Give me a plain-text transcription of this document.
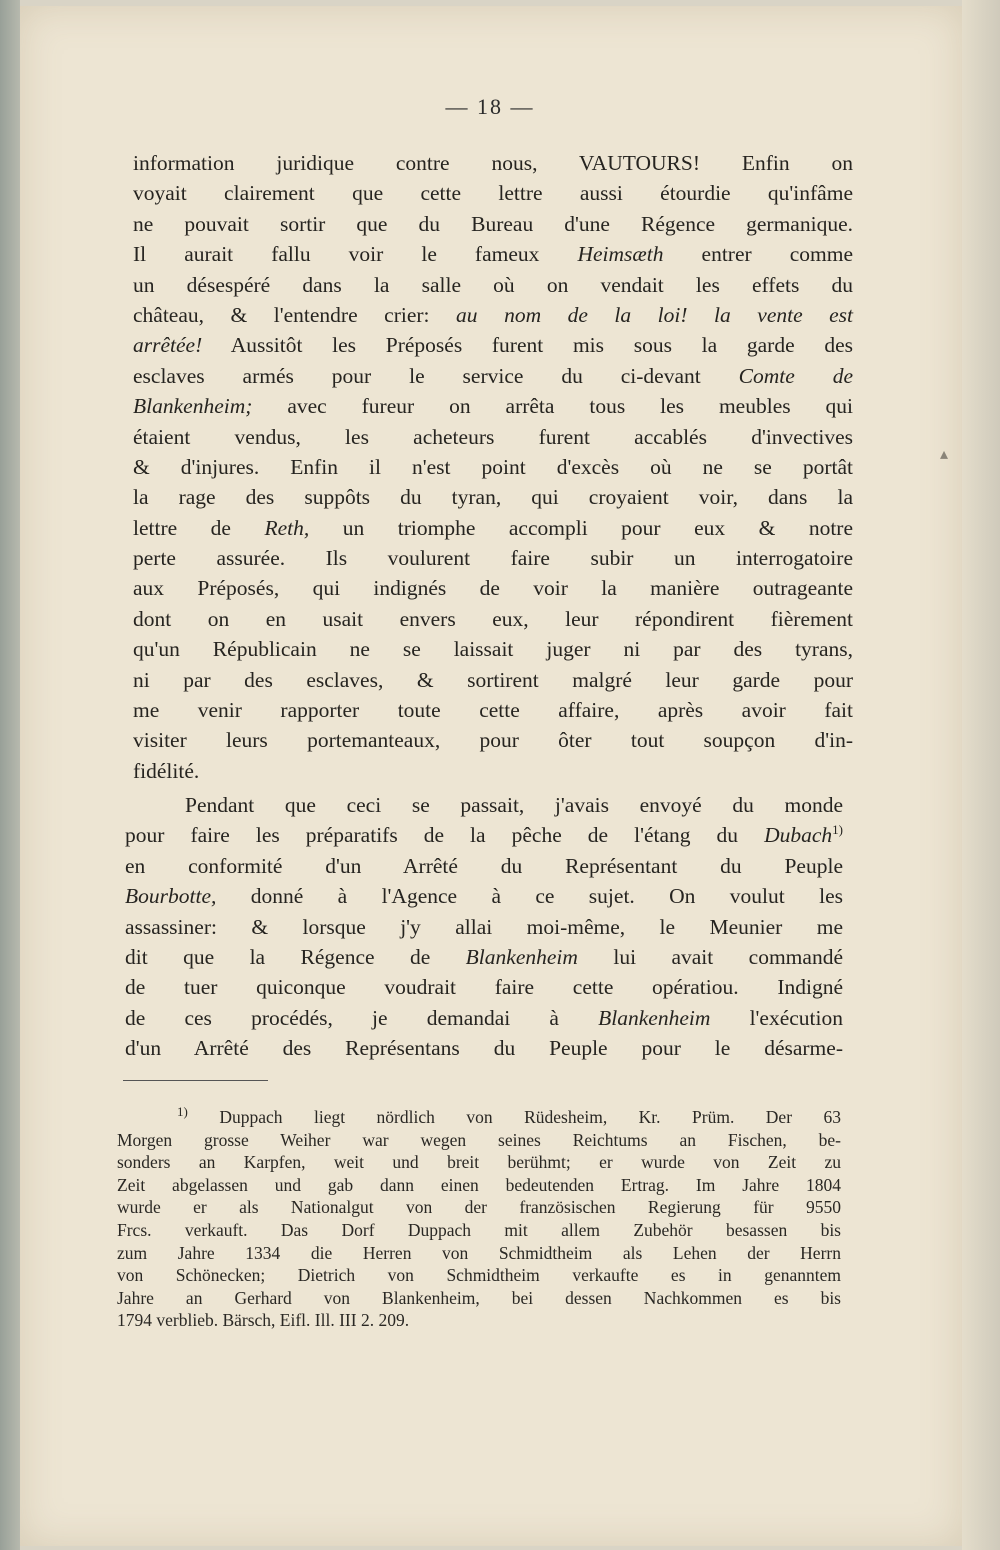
— 18 —
information juridique contre nous, VAUTOURS! Enfin on
voyait clairement que cette lettre aussi étourdie qu'infâme
ne pouvait sortir que du Bureau d'une Régence germanique.
Il aurait fallu voir le fameux Heimsæth entrer comme
un désespéré dans la salle où on vendait les effets du
château, & l'entendre crier: au nom de la loi! la vente est
arrêtée! Aussitôt les Préposés furent mis sous la garde des
esclaves armés pour le service du ci-devant Comte de
Blankenheim; avec fureur on arrêta tous les meubles qui
étaient vendus, les acheteurs furent accablés d'invectives
& d'injures. Enfin il n'est point d'excès où ne se portât
la rage des suppôts du tyran, qui croyaient voir, dans la
lettre de Reth, un triomphe accompli pour eux & notre
perte assurée. Ils voulurent faire subir un interrogatoire
aux Préposés, qui indignés de voir la manière outrageante
dont on en usait envers eux, leur répondirent fièrement
qu'un Républicain ne se laissait juger ni par des tyrans,
ni par des esclaves, & sortirent malgré leur garde pour
me venir rapporter toute cette affaire, après avoir fait
visiter leurs portemanteaux, pour ôter tout soupçon d'in-
fidélité.
Pendant que ceci se passait, j'avais envoyé du monde
pour faire les préparatifs de la pêche de l'étang du Dubach$^{1)}$
en conformité d'un Arrêté du Représentant du Peuple
Bourbotte, donné à l'Agence à ce sujet. On voulut les
assassiner: & lorsque j'y allai moi-même, le Meunier me
dit que la Régence de Blankenheim lui avait commandé
de tuer quiconque voudrait faire cette opératiou. Indigné
de ces procédés, je demandai à Blankenheim l'exécution
d'un Arrêté des Représentans du Peuple pour le désarme-
$^{1)}$ Duppach liegt nördlich von Rüdesheim, Kr. Prüm. Der 63
Morgen grosse Weiher war wegen seines Reichtums an Fischen, be-
sonders an Karpfen, weit und breit berühmt; er wurde von Zeit zu
Zeit abgelassen und gab dann einen bedeutenden Ertrag. Im Jahre 1804
wurde er als Nationalgut von der französischen Regierung für 9550
Frcs. verkauft. Das Dorf Duppach mit allem Zubehör besassen bis
zum Jahre 1334 die Herren von Schmidtheim als Lehen der Herrn
von Schönecken; Dietrich von Schmidtheim verkaufte es in genanntem
Jahre an Gerhard von Blankenheim, bei dessen Nachkommen es bis
1794 verblieb. Bärsch, Eifl. Ill. III 2. 209.
▴
